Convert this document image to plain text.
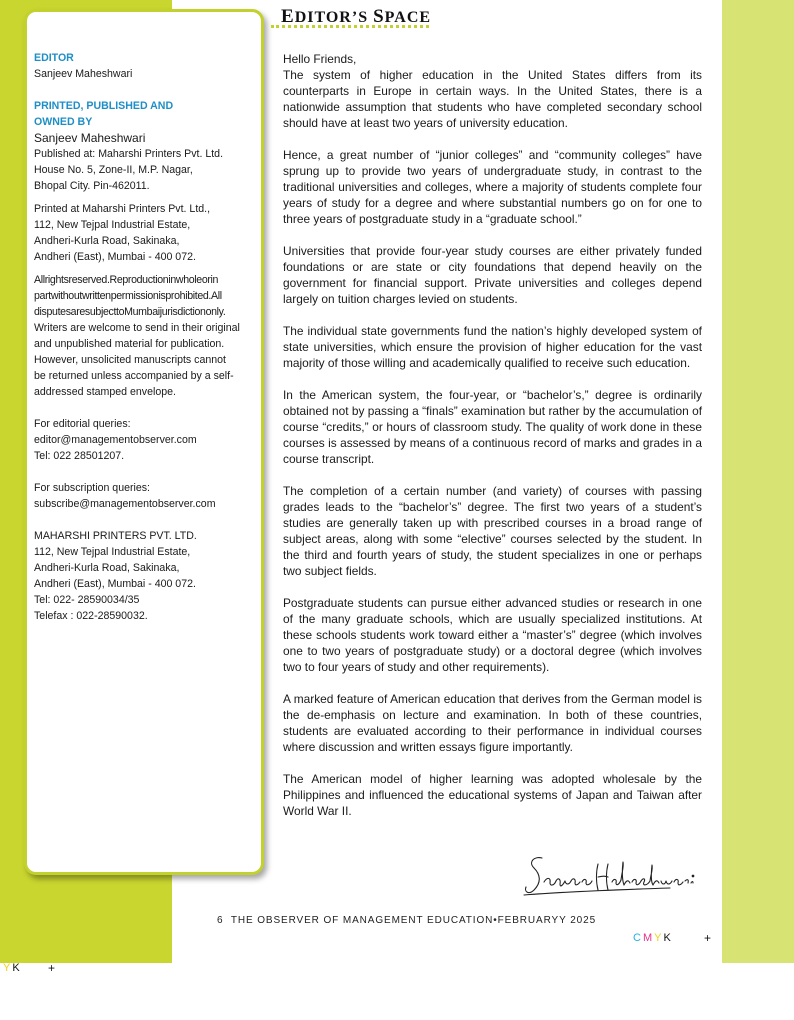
EDITOR
Sanjeev Maheshwari
PRINTED, PUBLISHED AND
OWNED BY
Sanjeev Maheshwari
Published at: Maharshi Printers Pvt. Ltd.
House No. 5, Zone-II, M.P. Nagar,
Bhopal City. Pin-462011.
Printed at Maharshi Printers Pvt. Ltd.,
112, New Tejpal Industrial Estate,
Andheri-Kurla Road, Sakinaka,
Andheri (East), Mumbai - 400 072.
Allrightsreserved.Reproductioninwholeorin
partwithoutwrittenpermissionisprohibited.All
disputesaresubjecttoMumbaijurisdictiononly.
Writers are welcome to send in their original
and unpublished material for publication.
However, unsolicited manuscripts cannot
be returned unless accompanied by a self-
addressed stamped envelope.
For editorial queries:
editor@managementobserver.com
Tel: 022 28501207.
For subscription queries:
subscribe@managementobserver.com
MAHARSHI PRINTERS PVT. LTD.
112, New Tejpal Industrial Estate,
Andheri-Kurla Road, Sakinaka,
Andheri (East), Mumbai - 400 072.
Tel: 022- 28590034/35
Telefax : 022-28590032.
EDITOR’S SPACE

Hello Friends,

The system of higher education in the United States differs from its counterparts in Europe in certain ways. In the United States, there is a nationwide assumption that students who have completed secondary school should have at least two years of university education.

Hence, a great number of “junior colleges” and “community colleges” have sprung up to provide two years of undergraduate study, in contrast to the traditional universities and colleges, where a majority of students complete four years of study for a degree and where substantial numbers go on for one to three years of postgraduate study in a “graduate school.”

Universities that provide four-year study courses are either privately funded foundations or are state or city foundations that depend heavily on the government for financial support. Private universities and colleges depend largely on tuition charges levied on students.

The individual state governments fund the nation’s highly developed system of state universities, which ensure the provision of higher education for the vast majority of those willing and academically qualified to receive such education.

In the American system, the four-year, or “bachelor’s,” degree is ordinarily obtained not by passing a “finals” examination but rather by the accumulation of course “credits,” or hours of classroom study. The quality of work done in these courses is assessed by means of a continuous record of marks and grades in a course transcript.

The completion of a certain number (and variety) of courses with passing grades leads to the “bachelor’s” degree. The first two years of a student’s studies are generally taken up with prescribed courses in a broad range of subject areas, along with some “elective” courses selected by the student. In the third and fourth years of study, the student specializes in one or perhaps two subject fields.

Postgraduate students can pursue either advanced studies or research in one of the many graduate schools, which are usually specialized institutions. At these schools students work toward either a “master’s” degree (which involves one to two years of postgraduate study) or a doctoral degree (which involves two to four years of study and other requirements).

A marked feature of American education that derives from the German model is the de-emphasis on lecture and examination. In both of these countries, students are evaluated according to their performance in individual courses where discussion and written essays figure importantly.

The American model of higher learning was adopted wholesale by the Philippines and influenced the educational systems of Japan and Taiwan after World War II.

6 THE OBSERVER OF MANAGEMENT EDUCATION•FEBRUARYY 2025
CMYK	+
YK +
